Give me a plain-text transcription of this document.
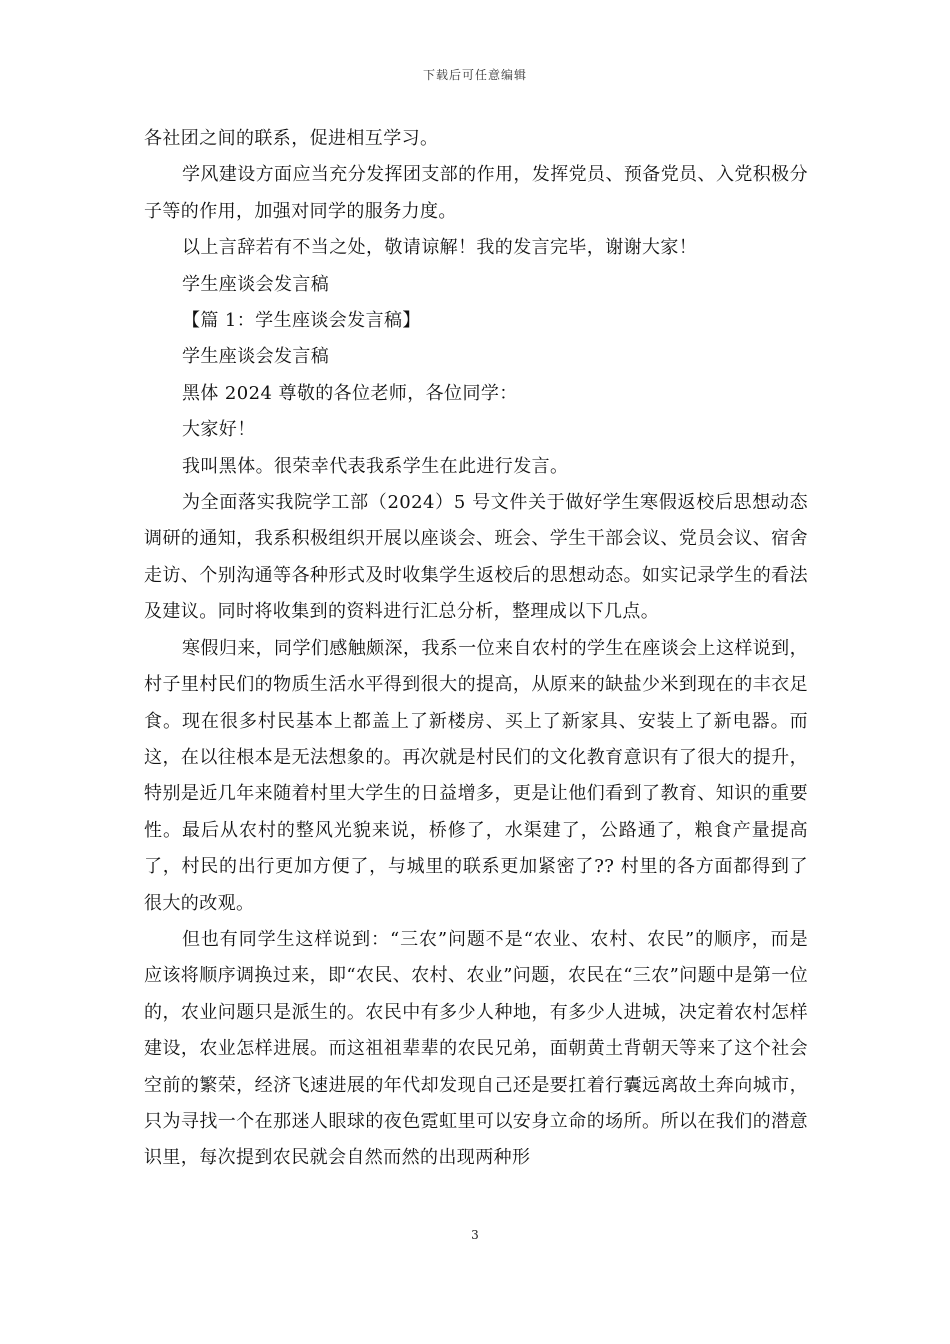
下载后可任意编辑

各社团之间的联系，促进相互学习。

学风建设方面应当充分发挥团支部的作用，发挥党员、预备党员、入党积极分子等的作用，加强对同学的服务力度。

以上言辞若有不当之处，敬请谅解！我的发言完毕，谢谢大家！

学生座谈会发言稿

【篇 1：学生座谈会发言稿】

学生座谈会发言稿

黑体 2024 尊敬的各位老师，各位同学：

大家好！

我叫黑体。很荣幸代表我系学生在此进行发言。

为全面落实我院学工部（2024）5 号文件关于做好学生寒假返校后思想动态调研的通知，我系积极组织开展以座谈会、班会、学生干部会议、党员会议、宿舍走访、个别沟通等各种形式及时收集学生返校后的思想动态。如实记录学生的看法及建议。同时将收集到的资料进行汇总分析，整理成以下几点。

寒假归来，同学们感触颇深，我系一位来自农村的学生在座谈会上这样说到，村子里村民们的物质生活水平得到很大的提高，从原来的缺盐少米到现在的丰衣足食。现在很多村民基本上都盖上了新楼房、买上了新家具、安装上了新电器。而这，在以往根本是无法想象的。再次就是村民们的文化教育意识有了很大的提升，特别是近几年来随着村里大学生的日益增多，更是让他们看到了教育、知识的重要性。最后从农村的整风光貌来说，桥修了，水渠建了，公路通了，粮食产量提高了，村民的出行更加方便了，与城里的联系更加紧密了?? 村里的各方面都得到了很大的改观。

但也有同学生这样说到：“三农”问题不是“农业、农村、农民”的顺序，而是应该将顺序调换过来，即“农民、农村、农业”问题，农民在“三农”问题中是第一位的，农业问题只是派生的。农民中有多少人种地，有多少人进城，决定着农村怎样建设，农业怎样进展。而这祖祖辈辈的农民兄弟，面朝黄土背朝天等来了这个社会空前的繁荣，经济飞速进展的年代却发现自己还是要扛着行囊远离故土奔向城市，只为寻找一个在那迷人眼球的夜色霓虹里可以安身立命的场所。所以在我们的潜意识里，每次提到农民就会自然而然的出现两种形

3
